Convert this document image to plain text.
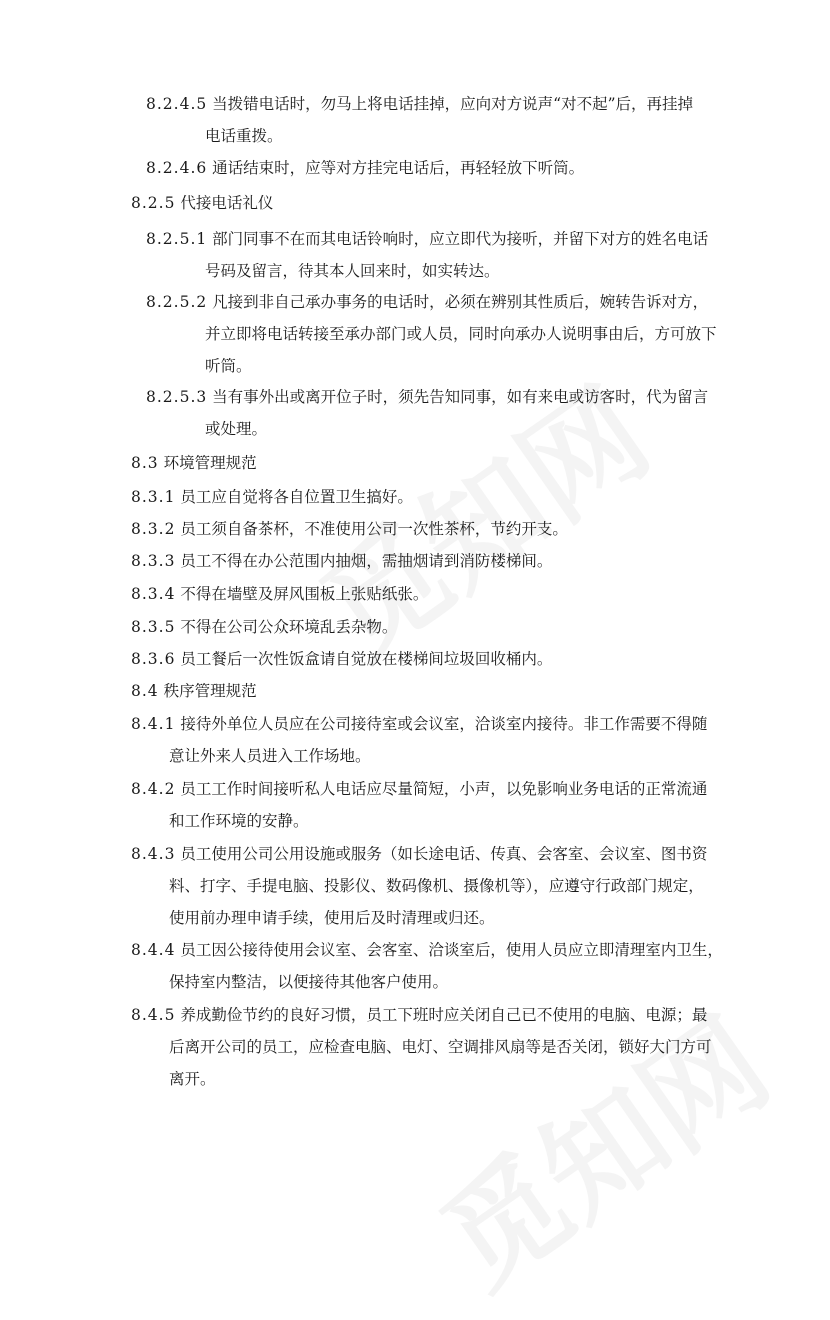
8.2.4.5 当拨错电话时，勿马上将电话挂掉，应向对方说声“对不起”后，再挂掉
电话重拨。
8.2.4.6 通话结束时，应等对方挂完电话后，再轻轻放下听筒。
8.2.5 代接电话礼仪
8.2.5.1 部门同事不在而其电话铃响时，应立即代为接听，并留下对方的姓名电话
号码及留言，待其本人回来时，如实转达。
8.2.5.2 凡接到非自己承办事务的电话时，必须在辨别其性质后，婉转告诉对方，
并立即将电话转接至承办部门或人员，同时向承办人说明事由后，方可放下
听筒。
8.2.5.3 当有事外出或离开位子时，须先告知同事，如有来电或访客时，代为留言
或处理。
8.3 环境管理规范
8.3.1 员工应自觉将各自位置卫生搞好。
8.3.2 员工须自备茶杯，不准使用公司一次性茶杯，节约开支。
8.3.3 员工不得在办公范围内抽烟，需抽烟请到消防楼梯间。
8.3.4 不得在墙壁及屏风围板上张贴纸张。
8.3.5 不得在公司公众环境乱丢杂物。
8.3.6 员工餐后一次性饭盒请自觉放在楼梯间垃圾回收桶内。
8.4 秩序管理规范
8.4.1 接待外单位人员应在公司接待室或会议室，洽谈室内接待。非工作需要不得随
意让外来人员进入工作场地。
8.4.2 员工工作时间接听私人电话应尽量简短，小声，以免影响业务电话的正常流通
和工作环境的安静。
8.4.3 员工使用公司公用设施或服务（如长途电话、传真、会客室、会议室、图书资
料、打字、手提电脑、投影仪、数码像机、摄像机等），应遵守行政部门规定，
使用前办理申请手续，使用后及时清理或归还。
8.4.4 员工因公接待使用会议室、会客室、洽谈室后，使用人员应立即清理室内卫生，
保持室内整洁，以便接待其他客户使用。
8.4.5 养成勤俭节约的良好习惯，员工下班时应关闭自己已不使用的电脑、电源；最
后离开公司的员工，应检查电脑、电灯、空调排风扇等是否关闭，锁好大门方可
离开。
